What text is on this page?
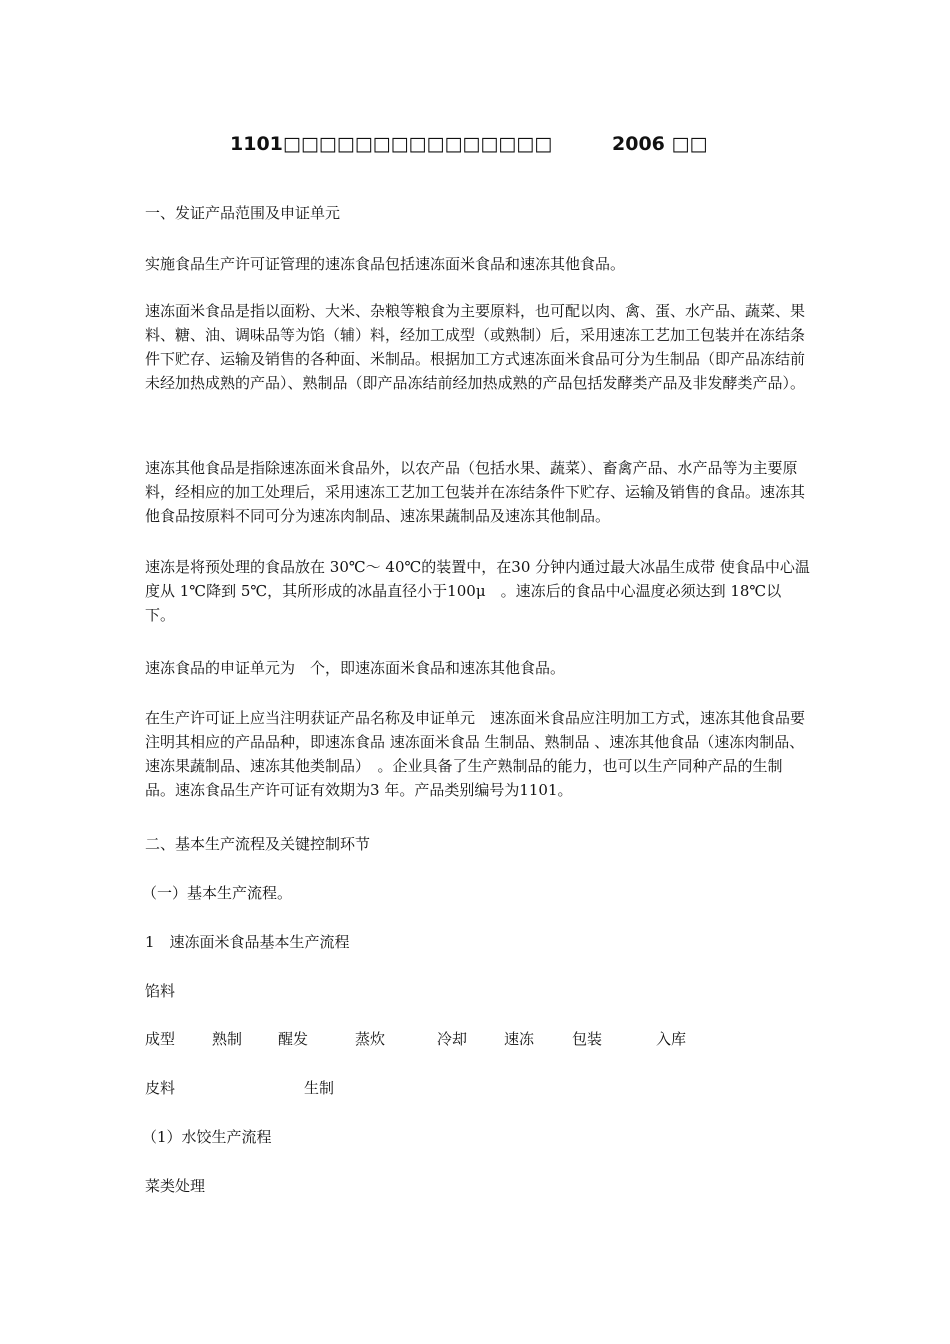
1101□□□□□□□□□□□□□□□	2006 □□
一、发证产品范围及申证单元

实施食品生产许可证管理的速冻食品包括速冻面米食品和速冻其他食品。

速冻面米食品是指以面粉、大米、杂粮等粮食为主要原料，也可配以肉、禽、蛋、水产品、蔬菜、果料、糖、油、调味品等为馅（辅）料，经加工成型（或熟制）后，采用速冻工艺加工包装并在冻结条件下贮存、运输及销售的各种面、米制品。根据加工方式速冻面米食品可分为生制品（即产品冻结前未经加热成熟的产品）、熟制品（即产品冻结前经加热成熟的产品包括发酵类产品及非发酵类产品）。

速冻其他食品是指除速冻面米食品外，以农产品（包括水果、蔬菜）、畜禽产品、水产品等为主要原料，经相应的加工处理后，采用速冻工艺加工包装并在冻结条件下贮存、运输及销售的食品。速冻其他食品按原料不同可分为速冻肉制品、速冻果蔬制品及速冻其他制品。

速冻是将预处理的食品放在 30℃～ 40℃的装置中，在30 分钟内通过最大冰晶生成带 使食品中心温度从 1℃降到 5℃，其所形成的冰晶直径小于100μ　。速冻后的食品中心温度必须达到 18℃以下。

速冻食品的申证单元为　个，即速冻面米食品和速冻其他食品。

在生产许可证上应当注明获证产品名称及申证单元　速冻面米食品应注明加工方式，速冻其他食品要注明其相应的产品品种，即速冻食品 速冻面米食品 生制品、熟制品 、速冻其他食品（速冻肉制品、速冻果蔬制品、速冻其他类制品）　。企业具备了生产熟制品的能力，也可以生产同种产品的生制品。速冻食品生产许可证有效期为3 年。产品类别编号为1101。

二、基本生产流程及关键控制环节
（一）基本生产流程。
1　速冻面米食品基本生产流程
馅料
成型 熟制 醒发	蒸炊	冷却 速冻	包装	入库
皮料	生制
（1）水饺生产流程
菜类处理
